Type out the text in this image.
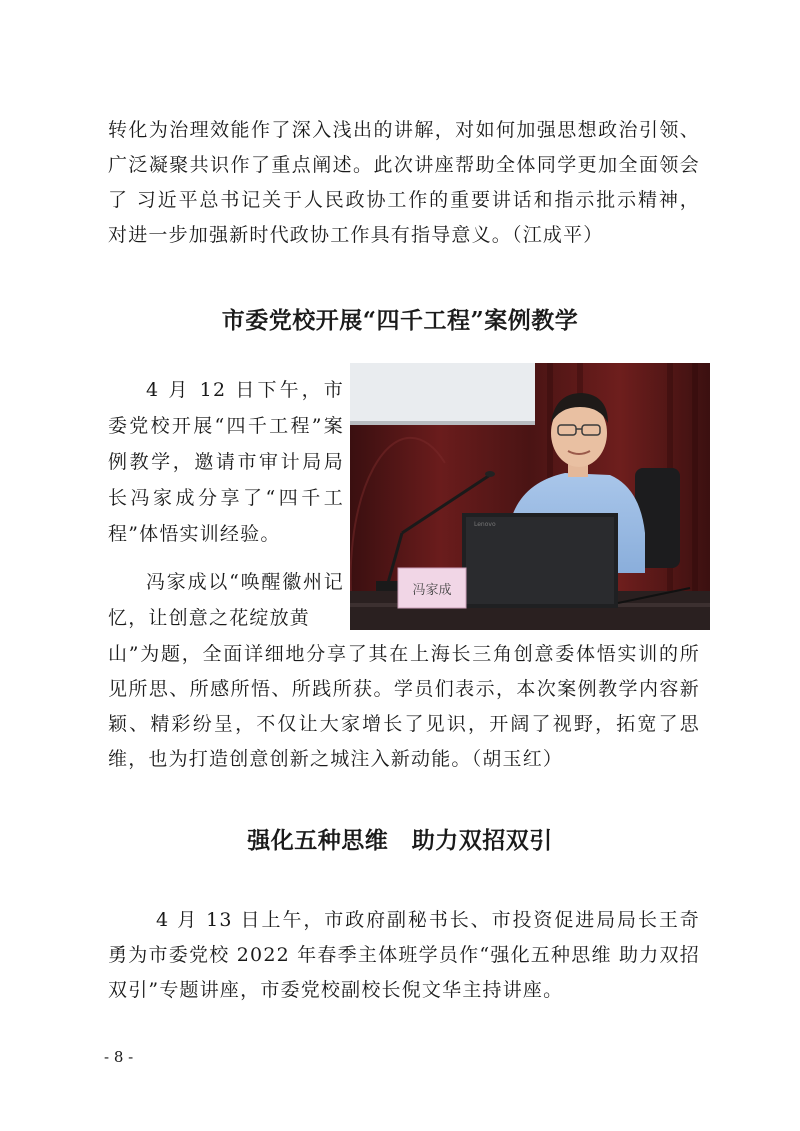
转化为治理效能作了深入浅出的讲解，对如何加强思想政治引领、广泛凝聚共识作了重点阐述。此次讲座帮助全体同学更加全面领会了 习近平总书记关于人民政协工作的重要讲话和指示批示精神，对进一步加强新时代政协工作具有指导意义。（江成平）

市委党校开展“四千工程”案例教学

4 月 12 日下午，市委党校开展“四千工程”案例教学，邀请市审计局局长冯家成分享了“四千工程”体悟实训经验。

冯家成以“唤醒徽州记忆，让创意之花绽放黄

Lenovo
冯家成

山”为题，全面详细地分享了其在上海长三角创意委体悟实训的所见所思、所感所悟、所践所获。学员们表示，本次案例教学内容新颖、精彩纷呈，不仅让大家增长了见识，开阔了视野，拓宽了思维，也为打造创意创新之城注入新动能。（胡玉红）

强化五种思维　助力双招双引

4 月 13 日上午，市政府副秘书长、市投资促进局局长王奇勇为市委党校 2022 年春季主体班学员作“强化五种思维 助力双招双引”专题讲座，市委党校副校长倪文华主持讲座。

- 8 -
